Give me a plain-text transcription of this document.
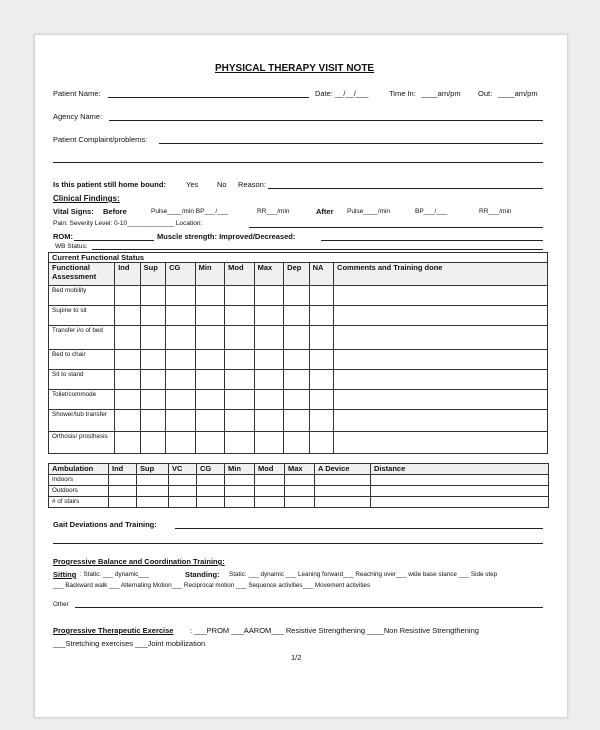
PHYSICAL THERAPY VISIT NOTE
Patient Name:	Date: __/__/___	Time In: ____am/pm Out: ____am/pm
Agency Name:
Patient Complaint/problems:
Is this patient still home bound:	Yes	No Reason:
Clinical Findings:
Vital Signs: Before	Pulse____/min BP___/___	RR___/min	After Pulse____/min	BP___/___	RR___/min
Pain: Severity Level: 0-10_____________ Location:
ROM:	Muscle strength: Improved/Decreased:
WB Status:
Current Functional Status									
Functional Assessment	Ind	Sup	CG	Min	Mod	Max	Dep	NA	Comments and Training done

Bed mobility									

Supine to sit									

Transfer i/o of bed									

Bed to chair									

Sit to stand									

Toilet/commode									

Shower/tub transfer									

Orthosis/ prosthesis									

Ambulation	Ind	Sup	VC	CG	Min	Mod	Max	A Device	Distance

Indoors									

Outdoors									

# of stairs									

Gait Deviations and Training:
Progressive Balance and Coordination Training:
Sitting : Static: ___ dynamic___	Standing: Static: ___ dynamic ___ Leaning forward___ Reaching over___ wide base stance ___ Side step
___ Backward walk ___ Alternating Motion___ Reciprocal motion ___ Sequence activities___ Movement activities
Other
Progressive Therapeutic Exercise : ___PROM ___AAROM___ Resistive Strengthening ____Non Resistive Strengthening
___Stretching exercises ___Joint mobilization
1/2
